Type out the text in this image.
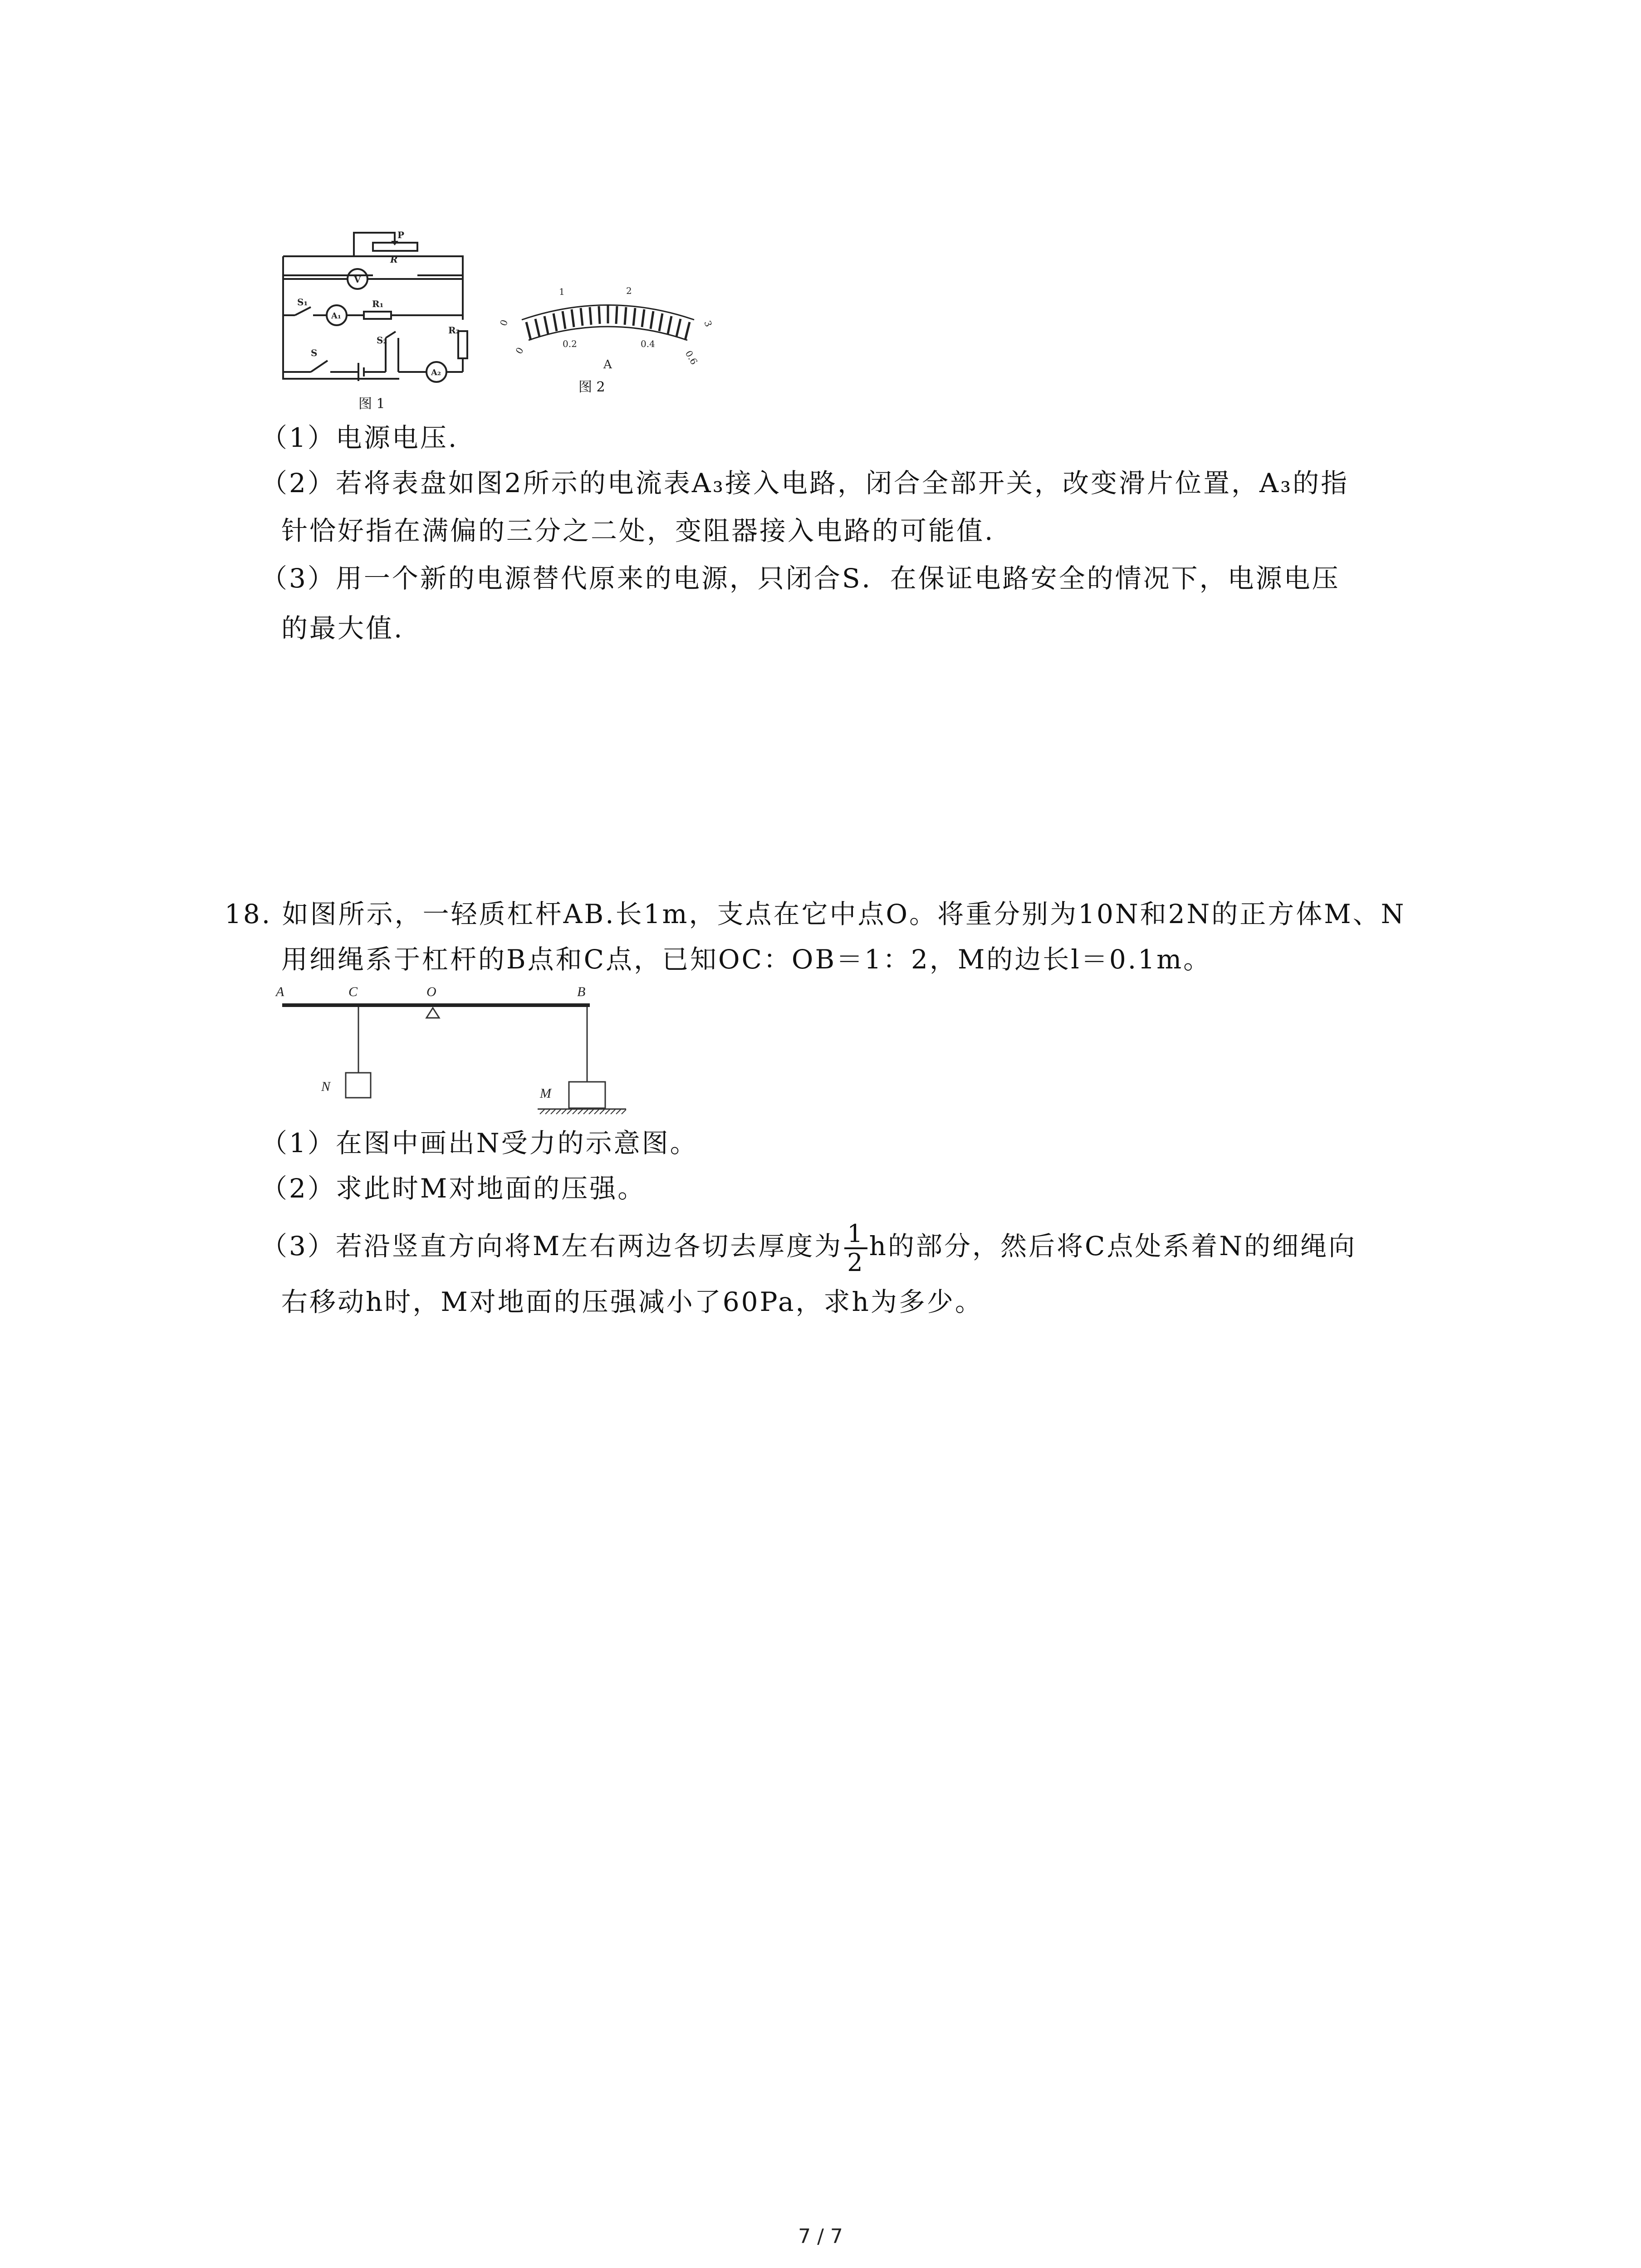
P
R
V
S₁
A₁
R₁
S
S₂
A₂
R₂
图 1
0
1	2
3
0
0.2	0.4
0.6
A
图 2
（1）电源电压.
（2）若将表盘如图2所示的电流表A₃接入电路，闭合全部开关，改变滑片位置，A₃的指
针恰好指在满偏的三分之二处，变阻器接入电路的可能值.
（3）用一个新的电源替代原来的电源，只闭合S．在保证电路安全的情况下，电源电压
的最大值.
18. 如图所示，一轻质杠杆AB.长1m，支点在它中点O。将重分别为10N和2N的正方体M、N
用细绳系于杠杆的B点和C点，已知OC：OB＝1：2，M的边长l＝0.1m。
A	C	O	B
N	M
（1）在图中画出N受力的示意图。
（2）求此时M对地面的压强。
（3）若沿竖直方向将M左右两边各切去厚度为 $\frac{1}{2}$ h的部分，然后将C点处系着N的细绳向
右移动h时，M对地面的压强减小了60Pa，求h为多少。
7 / 7
